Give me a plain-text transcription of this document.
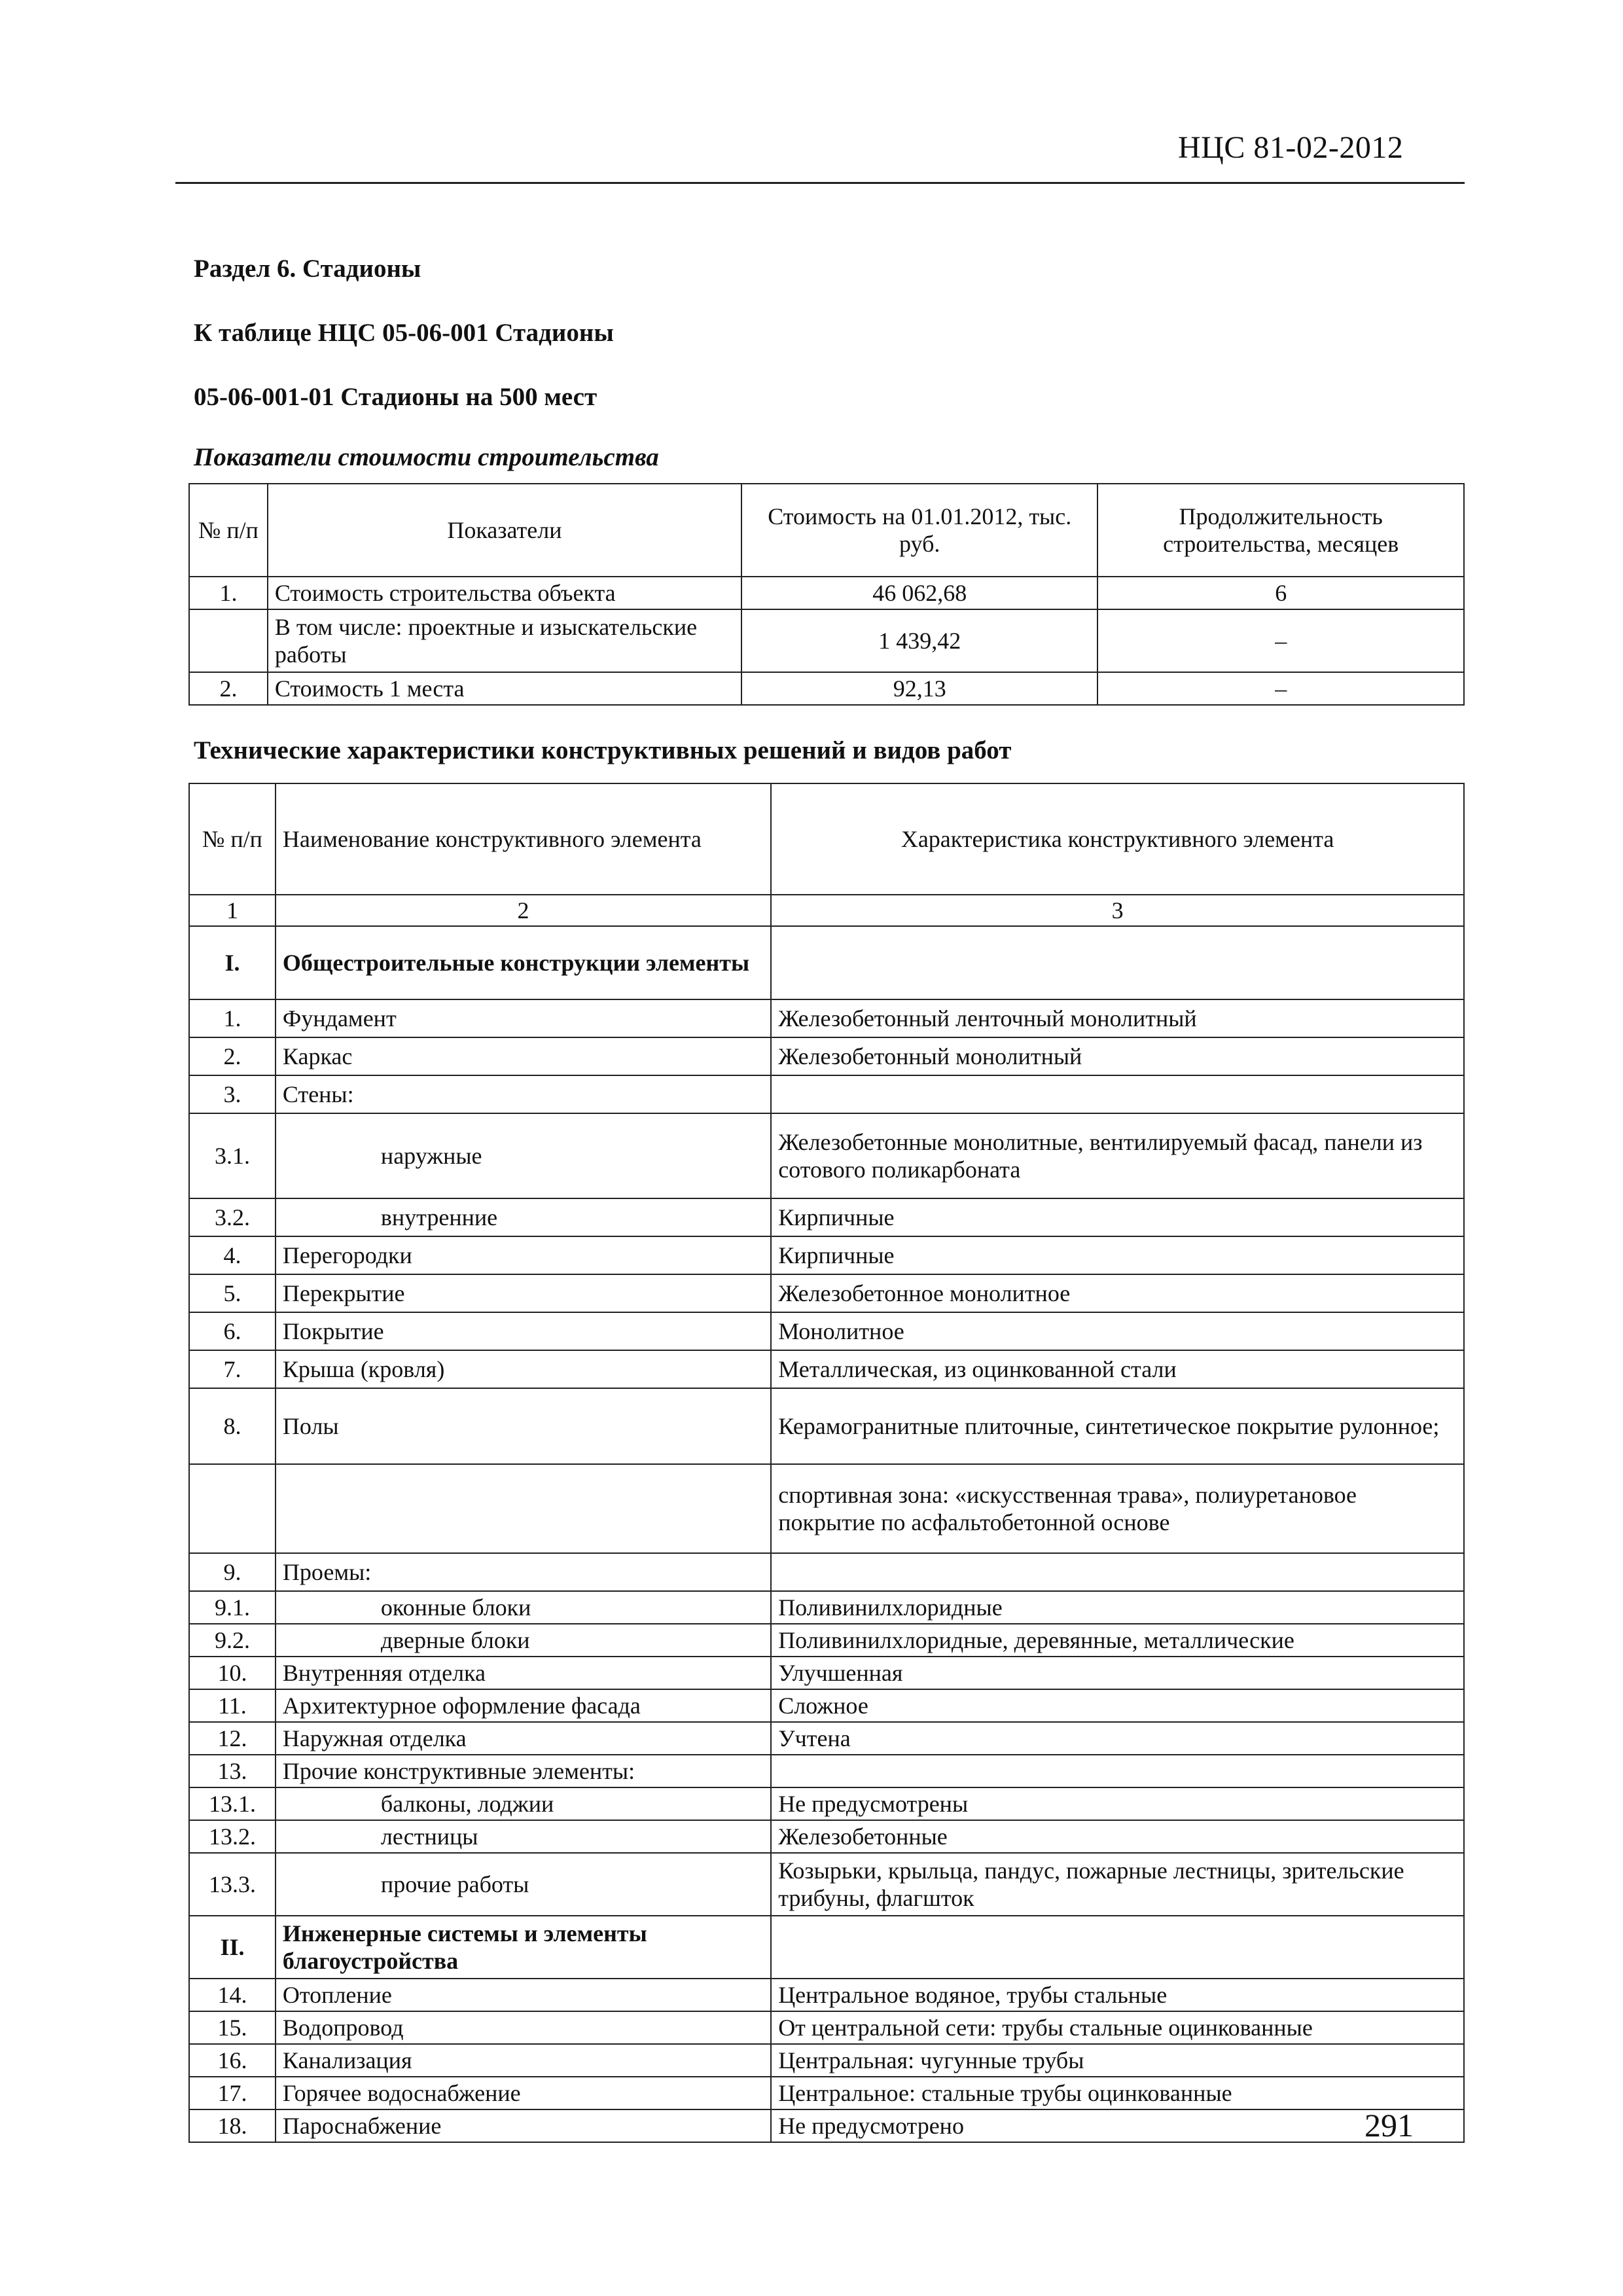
НЦС 81-02-2012
Раздел 6. Стадионы
К таблице НЦС 05-06-001 Стадионы
05-06-001-01 Стадионы на 500 мест
Показатели стоимости строительства
№ п/п	Показатели	Стоимость на 01.01.2012, тыс. руб.	Продолжительность строительства, месяцев
1.	Стоимость строительства объекта	46 062,68	6
	В том числе: проектные и изыскательские работы	1 439,42	–
2.	Стоимость 1 места	92,13	–
Технические характеристики конструктивных решений и видов работ
№ п/п	Наименование конструктивного элемента	Характеристика конструктивного элемента
1	2	3
I.	Общестроительные конструкции элементы	
1.	Фундамент	Железобетонный ленточный монолитный
2.	Каркас	Железобетонный монолитный
3.	Стены:	
3.1.	наружные	Железобетонные монолитные, вентилируемый фасад, панели из сотового поликарбоната
3.2.	внутренние	Кирпичные
4.	Перегородки	Кирпичные
5.	Перекрытие	Железобетонное монолитное
6.	Покрытие	Монолитное
7.	Крыша (кровля)	Металлическая, из оцинкованной стали
8.	Полы	Керамогранитные плиточные, синтетическое покрытие рулонное;
		спортивная зона: «искусственная трава», полиуретановое покрытие по асфальтобетонной основе
9.	Проемы:	
9.1.	оконные блоки	Поливинилхлоридные
9.2.	дверные блоки	Поливинилхлоридные, деревянные, металлические
10.	Внутренняя отделка	Улучшенная
11.	Архитектурное оформление фасада	Сложное
12.	Наружная отделка	Учтена
13.	Прочие конструктивные элементы:	
13.1.	балконы, лоджии	Не предусмотрены
13.2.	лестницы	Железобетонные
13.3.	прочие работы	Козырьки, крыльца, пандус, пожарные лестницы, зрительские трибуны, флагшток
II.	Инженерные системы и элементы благоустройства	
14.	Отопление	Центральное водяное, трубы стальные
15.	Водопровод	От центральной сети: трубы стальные оцинкованные
16.	Канализация	Центральная: чугунные трубы
17.	Горячее водоснабжение	Центральное: стальные трубы оцинкованные
18.	Пароснабжение	Не предусмотрено	291
